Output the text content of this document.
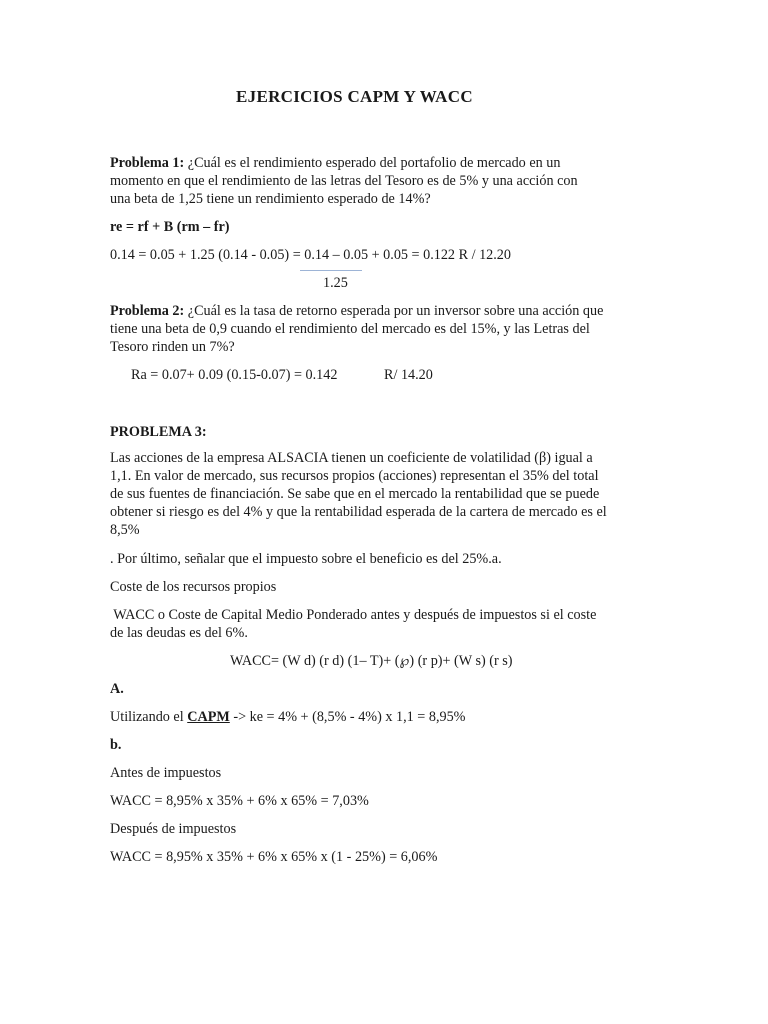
EJERCICIOS CAPM Y WACC
Problema 1: ¿Cuál es el rendimiento esperado del portafolio de mercado en un
momento en que el rendimiento de las letras del Tesoro es de 5% y una acción con
una beta de 1,25 tiene un rendimiento esperado de 14%?
re = rf + B (rm – fr)
0.14 = 0.05 + 1.25 (0.14 - 0.05) = 0.14 – 0.05 + 0.05 = 0.122 R / 12.20
1.25
Problema 2: ¿Cuál es la tasa de retorno esperada por un inversor sobre una acción que
tiene una beta de 0,9 cuando el rendimiento del mercado es del 15%, y las Letras del
Tesoro rinden un 7%?
Ra = 0.07+ 0.09 (0.15-0.07) = 0.142	R/ 14.20
PROBLEMA 3:
Las acciones de la empresa ALSACIA tienen un coeficiente de volatilidad (β) igual a
1,1. En valor de mercado, sus recursos propios (acciones) representan el 35% del total
de sus fuentes de financiación. Se sabe que en el mercado la rentabilidad que se puede
obtener si riesgo es del 4% y que la rentabilidad esperada de la cartera de mercado es el
8,5%
. Por último, señalar que el impuesto sobre el beneficio es del 25%.a.
Coste de los recursos propios
WACC o Coste de Capital Medio Ponderado antes y después de impuestos si el coste
de las deudas es del 6%.
WACC= (W d) (r d) (1– T)+ (℘) (r p)+ (W s) (r s)
A.
Utilizando el CAPM -> ke = 4% + (8,5% - 4%) x 1,1 = 8,95%
b.
Antes de impuestos
WACC = 8,95% x 35% + 6% x 65% = 7,03%
Después de impuestos
WACC = 8,95% x 35% + 6% x 65% x (1 - 25%) = 6,06%
